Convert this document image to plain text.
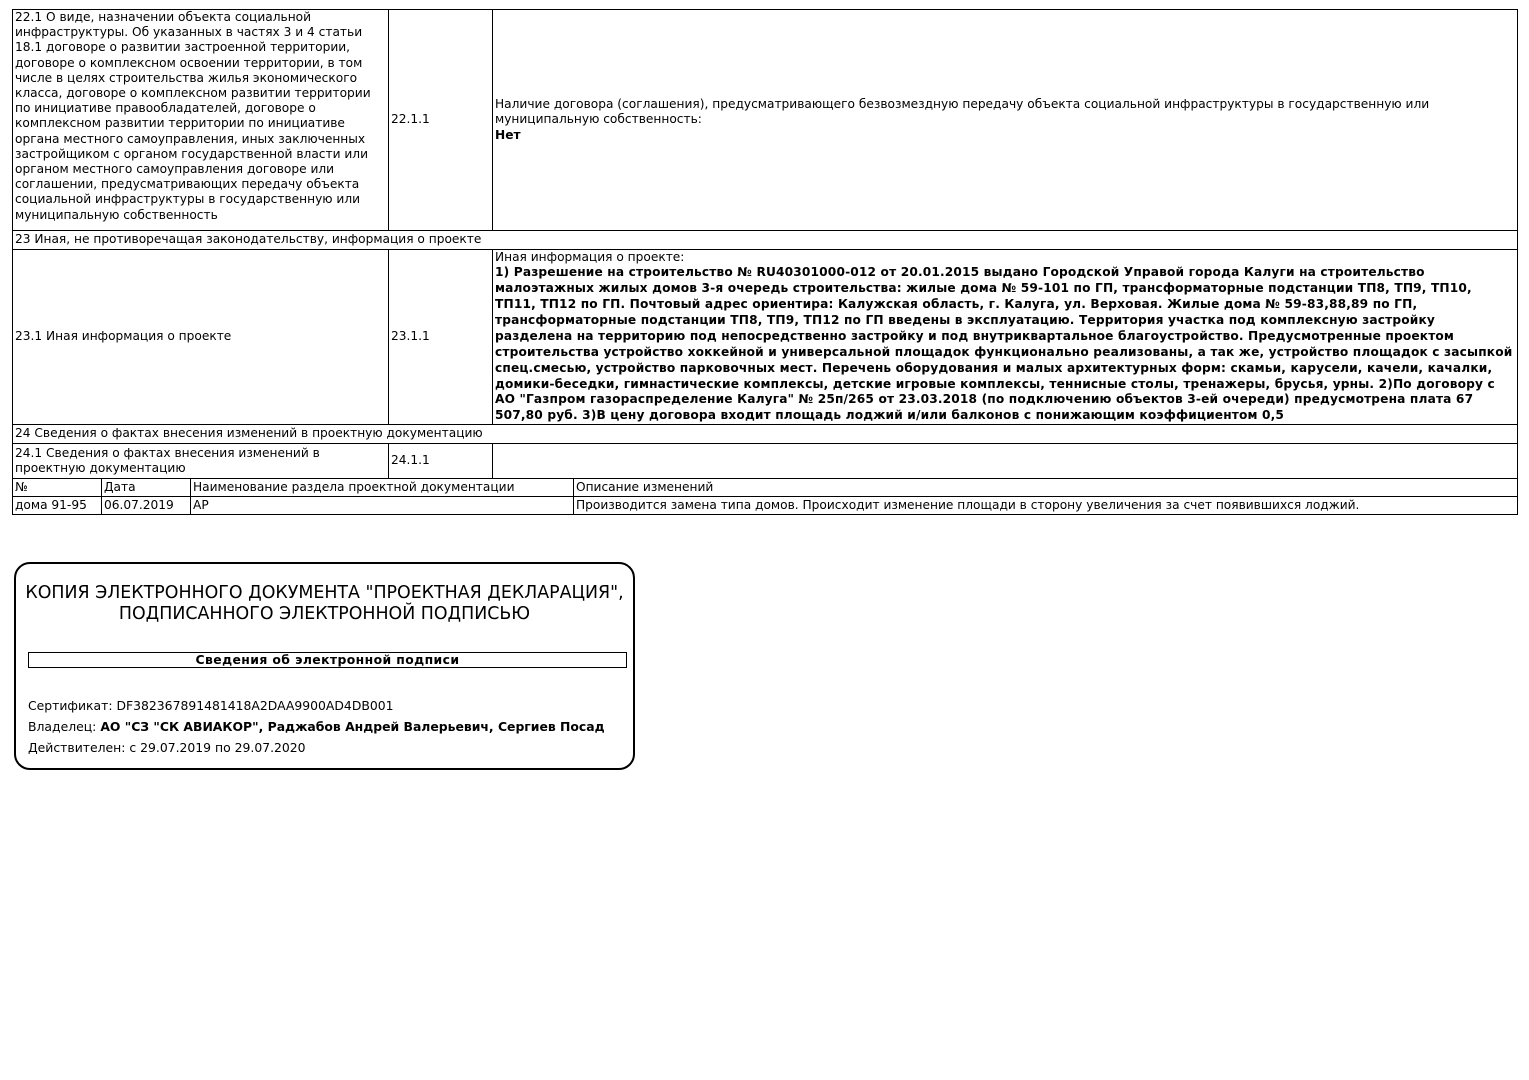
22.1 О виде, назначении объекта социальной инфраструктуры. Об указанных в частях 3 и 4 статьи 18.1 договоре о развитии застроенной территории, договоре о комплексном освоении территории, в том числе в целях строительства жилья экономического класса, договоре о комплексном развитии территории по инициативе правообладателей, договоре о комплексном развитии территории по инициативе органа местного самоуправления, иных заключенных застройщиком с органом государственной власти или органом местного самоуправления договоре или соглашении, предусматривающих передачу объекта социальной инфраструктуры в государственную или муниципальную собственность	22.1.1	Наличие договора (соглашения), предусматривающего безвозмездную передачу объекта социальной инфраструктуры в государственную или муниципальную собственность:
Нет

23 Иная, не противоречащая законодательству, информация о проекте		
23.1 Иная информация о проекте	23.1.1	Иная информация о проекте:
1) Разрешение на строительство № RU40301000-012 от 20.01.2015 выдано Городской Управой города Калуги на строительство малоэтажных жилых домов 3-я очередь строительства: жилые дома № 59-101 по ГП, трансформаторные подстанции ТП8, ТП9, ТП10, ТП11, ТП12 по ГП. Почтовый адрес ориентира: Калужская область, г. Калуга, ул. Верховая. Жилые дома № 59-83,88,89 по ГП, трансформаторные подстанции ТП8, ТП9, ТП12 по ГП введены в эксплуатацию. Территория участка под комплексную застройку разделена на территорию под непосредственно застройку и под внутриквартальное благоустройство. Предусмотренные проектом строительства устройство хоккейной и универсальной площадок функционально реализованы, а так же, устройство площадок с засыпкой спец.смесью, устройство парковочных мест. Перечень оборудования и малых архитектурных форм: скамьи, карусели, качели, качалки, домики-беседки, гимнастические комплексы, детские игровые комплексы, теннисные столы, тренажеры, брусья, урны. 2)По договору с АО "Газпром газораспределение Калуга" № 25п/265 от 23.03.2018 (по подключению объектов 3-ей очереди) предусмотрена плата 67 507,80 руб. 3)В цену договора входит площадь лоджий и/или балконов с понижающим коэффициентом 0,5

24 Сведения о фактах внесения изменений в проектную документацию		
24.1 Сведения о фактах внесения изменений в проектную документацию	24.1.1	
№	Дата	Наименование раздела проектной документации	Описание изменений
дома 91-95	06.07.2019	АР	Производится замена типа домов. Происходит изменение площади в сторону увеличения за счет появившихся лоджий.
КОПИЯ ЭЛЕКТРОННОГО ДОКУМЕНТА "ПРОЕКТНАЯ ДЕКЛАРАЦИЯ",
ПОДПИСАННОГО ЭЛЕКТРОННОЙ ПОДПИСЬЮ
Сведения об электронной подписи
Сертификат: DF382367891481418A2DAA9900AD4DB001
Владелец: АО "СЗ "СК АВИАКОР", Раджабов Андрей Валерьевич, Сергиев Посад
Действителен: с 29.07.2019 по 29.07.2020
